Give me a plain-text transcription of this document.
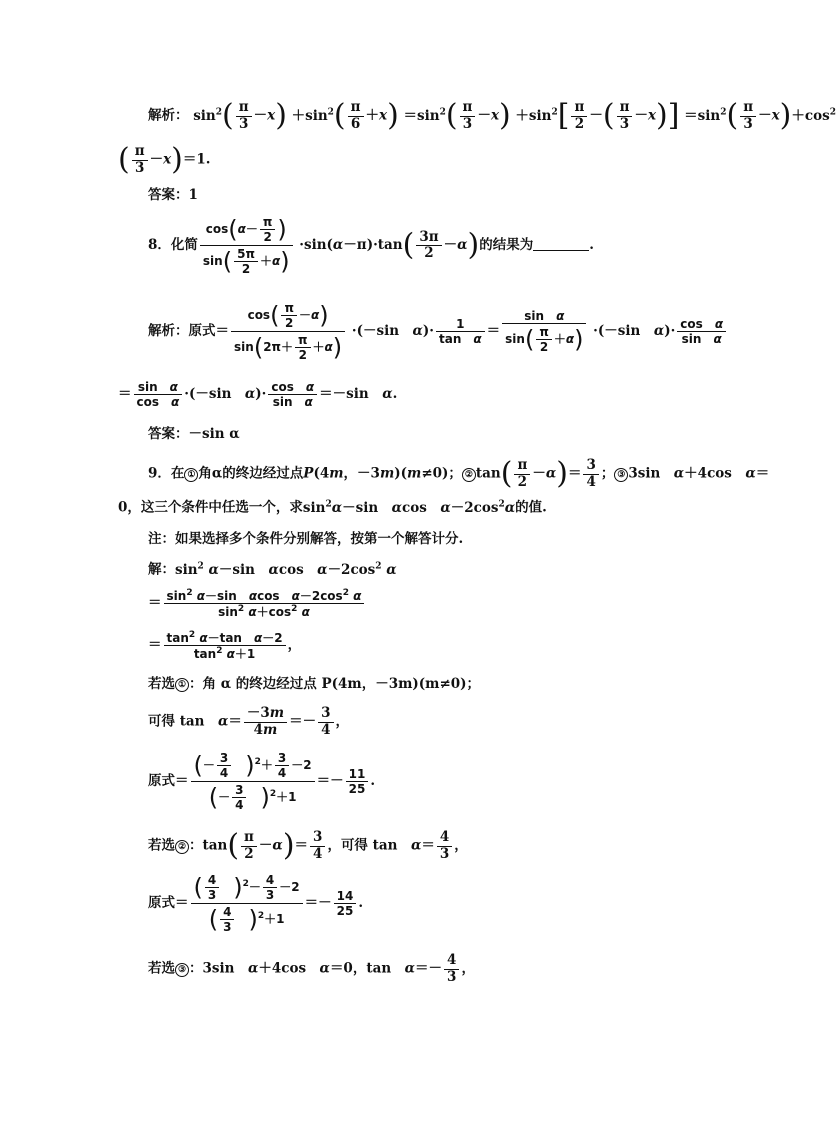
解析： $\sin^2( \frac{\pi}{3} -x) +\sin^2( \frac{\pi}{6} +x) =\sin^2( \frac{\pi}{3} -x) +\sin^2[ \frac{\pi}{2}$ －( $\frac{\pi}{3} -x)] =\sin^2( \frac{\pi}{3} -x)+\cos^2$
( $\frac{\pi}{3} -x)=1$.
答案：1
8．化简 $\frac{\cos(\alpha- \frac{\pi}{2} )}{\sin( \frac{5\pi}{2} +\alpha)} \cdot\sin(\alpha-\pi)\cdot\tan( \frac{3\pi}{2} -\alpha)$的结果为	.
解析：原式＝ $\frac{\cos( \frac{\pi}{2} -\alpha)}{\sin(2\pi+ \frac{\pi}{2} +\alpha)} \cdot(-\sin$　$\alpha)\cdot \frac{1}{\text{tan　α}} = \frac{\text{sin　α}}{\sin( \frac{\pi}{2} +\alpha)} \cdot(-\sin$　$\alpha)\cdot \frac{\text{cos　α}}{\text{sin　α}}$
＝ $\frac{\text{sin　α}}{\text{cos　α}} \cdot(-\sin$　$\alpha)\cdot \frac{\text{cos　α}}{\text{sin　α}} =-\sin$　α.
答案：－sin α
9．在 ① 角α的终边经过点P(4m，－3m)(m≠0)； ② $\tan( \frac{\pi}{2} -\alpha)= \frac{3}{4}$ ； ③ 3sin　α＋4cos　α＝
0，这三个条件中任选一个，求$\sin^2\alpha-\sin$　αcos　$\alpha-2\cos^2\alpha$的值.
注：如果选择多个条件分别解答，按第一个解答计分.
解：$\sin^2 \alpha-\sin$　αcos　$\alpha-2\cos^2$ α
＝ $\frac{\sin^2 \alpha-\sin \alpha\cos \alpha-2\cos^2 \alpha}{\sin^2 \alpha+\cos^2 \alpha}$
＝ $\frac{\tan^2 \alpha-\tan \alpha-2}{\tan^2 \alpha+1}$ ，
若选 ① ：角 α 的终边经过点 P(4m，－3m)(m≠0)；
可得 tan　$\alpha= \frac{-3m}{4m} =- \frac{3}{4}$ ，
原式＝ (－ $\frac{3}{4}$
　 )$^2+ \frac{3}{4} -2$
(－ $\frac{3}{4}$
　 )$^2+1 =- \frac{11}{25}$ .
若选 ② ：$\tan( \frac{\pi}{2} -\alpha)= \frac{3}{4}$ ，可得 tan　$\alpha= \frac{4}{3}$ ，
原式＝ ( $\frac{4}{3}$
　 )$^2- \frac{4}{3} -2$
( $\frac{4}{3}$
　 )$^2+1 =- \frac{14}{25}$ .
若选 ③ ：3sin　α＋4cos　α＝0，tan　$\alpha=- \frac{4}{3}$ ，
